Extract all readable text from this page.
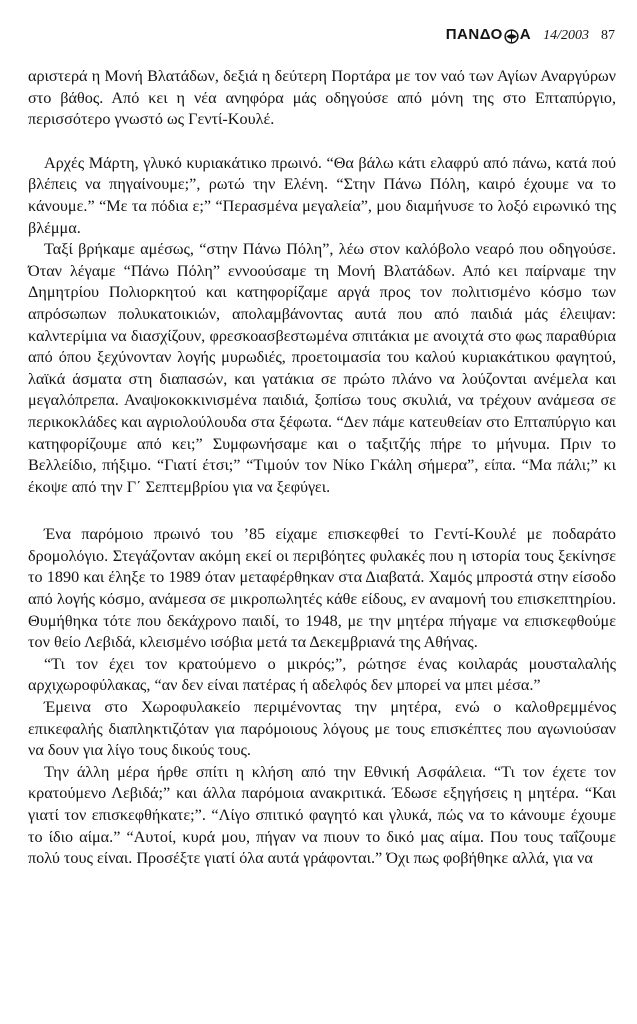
ΠΑΝΔΟ Α 14/2003 87

αριστερά η Μονή Βλατάδων, δεξιά η δεύτερη Πορτάρα με τον ναό των Αγίων Αναργύρων στο βάθος. Από κει η νέα ανηφόρα μάς οδηγούσε από μόνη της στο Επταπύργιο, περισσότερο γνωστό ως Γεντί-Κουλέ.

Αρχές Μάρτη, γλυκό κυριακάτικο πρωινό. “Θα βάλω κάτι ελαφρύ από πάνω, κατά πού βλέπεις να πηγαίνουμε;”, ρωτώ την Ελένη. “Στην Πάνω Πόλη, καιρό έχουμε να το κάνουμε.” “Με τα πόδια ε;” “Περασμένα μεγαλεία”, μου διαμήνυσε το λοξό ειρωνικό της βλέμμα.

Ταξί βρήκαμε αμέσως, “στην Πάνω Πόλη”, λέω στον καλόβολο νεαρό που οδηγούσε. Όταν λέγαμε “Πάνω Πόλη” εννοούσαμε τη Μονή Βλατάδων. Από κει παίρναμε την Δημητρίου Πολιορκητού και κατηφορίζαμε αργά προς τον πολιτισμένο κόσμο των απρόσωπων πολυκατοικιών, απολαμβάνοντας αυτά που από παιδιά μάς έλειψαν: καλντερίμια να διασχίζουν, φρεσκοασβεστωμένα σπιτάκια με ανοιχτά στο φως παραθύρια από όπου ξεχύνονταν λογής μυρωδιές, προετοιμασία του καλού κυριακάτικου φαγητού, λαϊκά άσματα στη διαπασών, και γατάκια σε πρώτο πλάνο να λούζονται ανέμελα και μεγαλόπρεπα. Αναψοκοκκινισμένα παιδιά, ξοπίσω τους σκυλιά, να τρέχουν ανάμεσα σε περικοκλάδες και αγριολούλουδα στα ξέφωτα. “Δεν πάμε κατευθείαν στο Επταπύργιο και κατηφορίζουμε από κει;” Συμφωνήσαμε και ο ταξιτζής πήρε το μήνυμα. Πριν το Βελλείδιο, πήξιμο. “Γιατί έτσι;” “Τιμούν τον Νίκο Γκάλη σήμερα”, είπα. “Μα πάλι;” κι έκοψε από την Γ΄ Σεπτεμβρίου για να ξεφύγει.

Ένα παρόμοιο πρωινό του ’85 είχαμε επισκεφθεί το Γεντί-Κουλέ με ποδαράτο δρομολόγιο. Στεγάζονταν ακόμη εκεί οι περιβόητες φυλακές που η ιστορία τους ξεκίνησε το 1890 και έληξε το 1989 όταν μεταφέρθηκαν στα Διαβατά. Χαμός μπροστά στην είσοδο από λογής κόσμο, ανάμεσα σε μικροπωλητές κάθε είδους, εν αναμονή του επισκεπτηρίου. Θυμήθηκα τότε που δεκάχρονο παιδί, το 1948, με την μητέρα πήγαμε να επισκεφθούμε τον θείο Λεβιδά, κλεισμένο ισόβια μετά τα Δεκεμβριανά της Αθήνας.

“Τι τον έχει τον κρατούμενο ο μικρός;”, ρώτησε ένας κοιλαράς μουσταλαλής αρχιχωροφύλακας, “αν δεν είναι πατέρας ή αδελφός δεν μπορεί να μπει μέσα.”

Έμεινα στο Χωροφυλακείο περιμένοντας την μητέρα, ενώ ο καλοθρεμμένος επικεφαλής διαπληκτιζόταν για παρόμοιους λόγους με τους επισκέπτες που αγωνιούσαν να δουν για λίγο τους δικούς τους.

Την άλλη μέρα ήρθε σπίτι η κλήση από την Εθνική Ασφάλεια. “Τι τον έχετε τον κρατούμενο Λεβιδά;” και άλλα παρόμοια ανακριτικά. Έδωσε εξηγήσεις η μητέρα. “Και γιατί τον επισκεφθήκατε;”. “Λίγο σπιτικό φαγητό και γλυκά, πώς να το κάνουμε έχουμε το ίδιο αίμα.” “Αυτοί, κυρά μου, πήγαν να πιουν το δικό μας αίμα. Που τους ταΐζουμε πολύ τους είναι. Προσέξτε γιατί όλα αυτά γράφονται.” Όχι πως φοβήθηκε αλλά, για να
